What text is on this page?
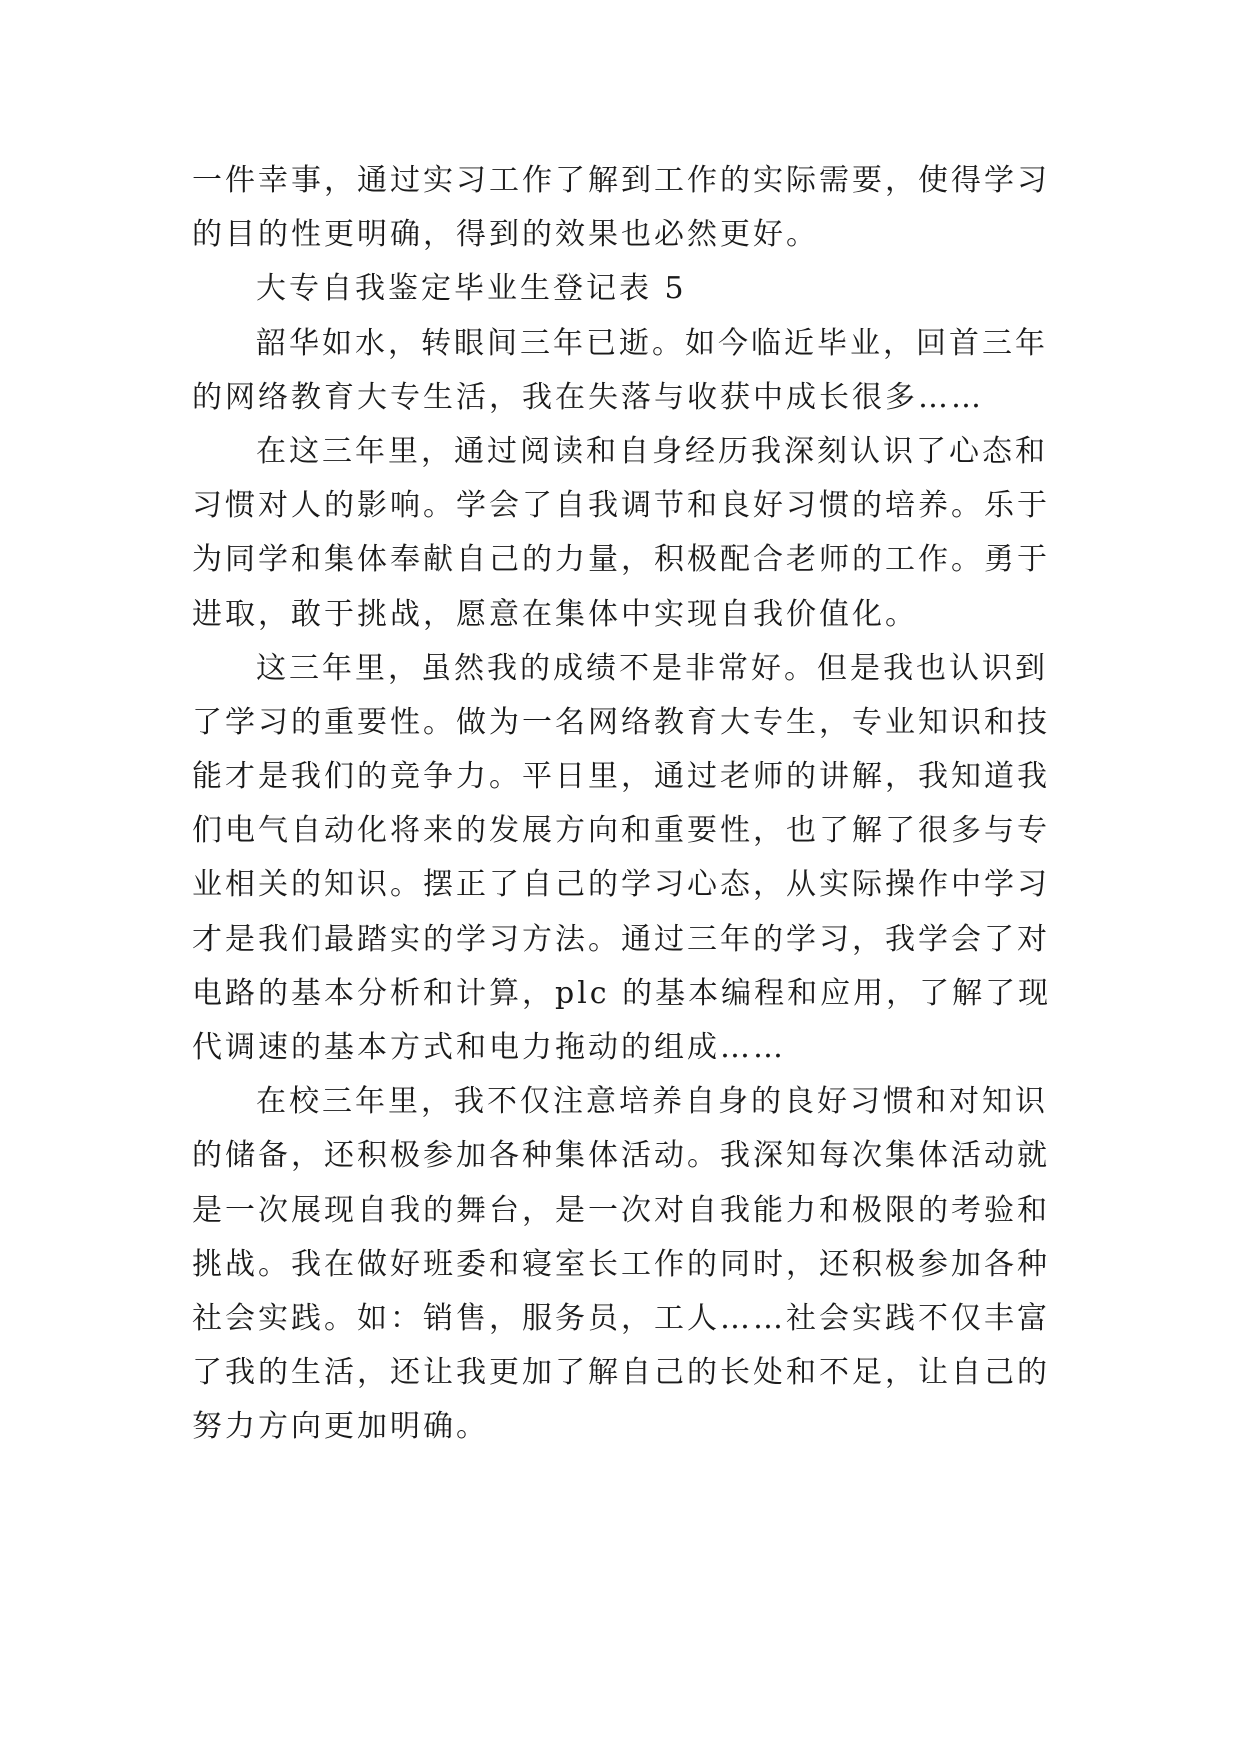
一件幸事，通过实习工作了解到工作的实际需要，使得学习
的目的性更明确，得到的效果也必然更好。
大专自我鉴定毕业生登记表 5
韶华如水，转眼间三年已逝。如今临近毕业，回首三年
的网络教育大专生活，我在失落与收获中成长很多……
在这三年里，通过阅读和自身经历我深刻认识了心态和
习惯对人的影响。学会了自我调节和良好习惯的培养。乐于
为同学和集体奉献自己的力量，积极配合老师的工作。勇于
进取，敢于挑战，愿意在集体中实现自我价值化。
这三年里，虽然我的成绩不是非常好。但是我也认识到
了学习的重要性。做为一名网络教育大专生，专业知识和技
能才是我们的竞争力。平日里，通过老师的讲解，我知道我
们电气自动化将来的发展方向和重要性，也了解了很多与专
业相关的知识。摆正了自己的学习心态，从实际操作中学习
才是我们最踏实的学习方法。通过三年的学习，我学会了对
电路的基本分析和计算，plc 的基本编程和应用，了解了现
代调速的基本方式和电力拖动的组成……
在校三年里，我不仅注意培养自身的良好习惯和对知识
的储备，还积极参加各种集体活动。我深知每次集体活动就
是一次展现自我的舞台，是一次对自我能力和极限的考验和
挑战。我在做好班委和寝室长工作的同时，还积极参加各种
社会实践。如：销售，服务员，工人……社会实践不仅丰富
了我的生活，还让我更加了解自己的长处和不足，让自己的
努力方向更加明确。
